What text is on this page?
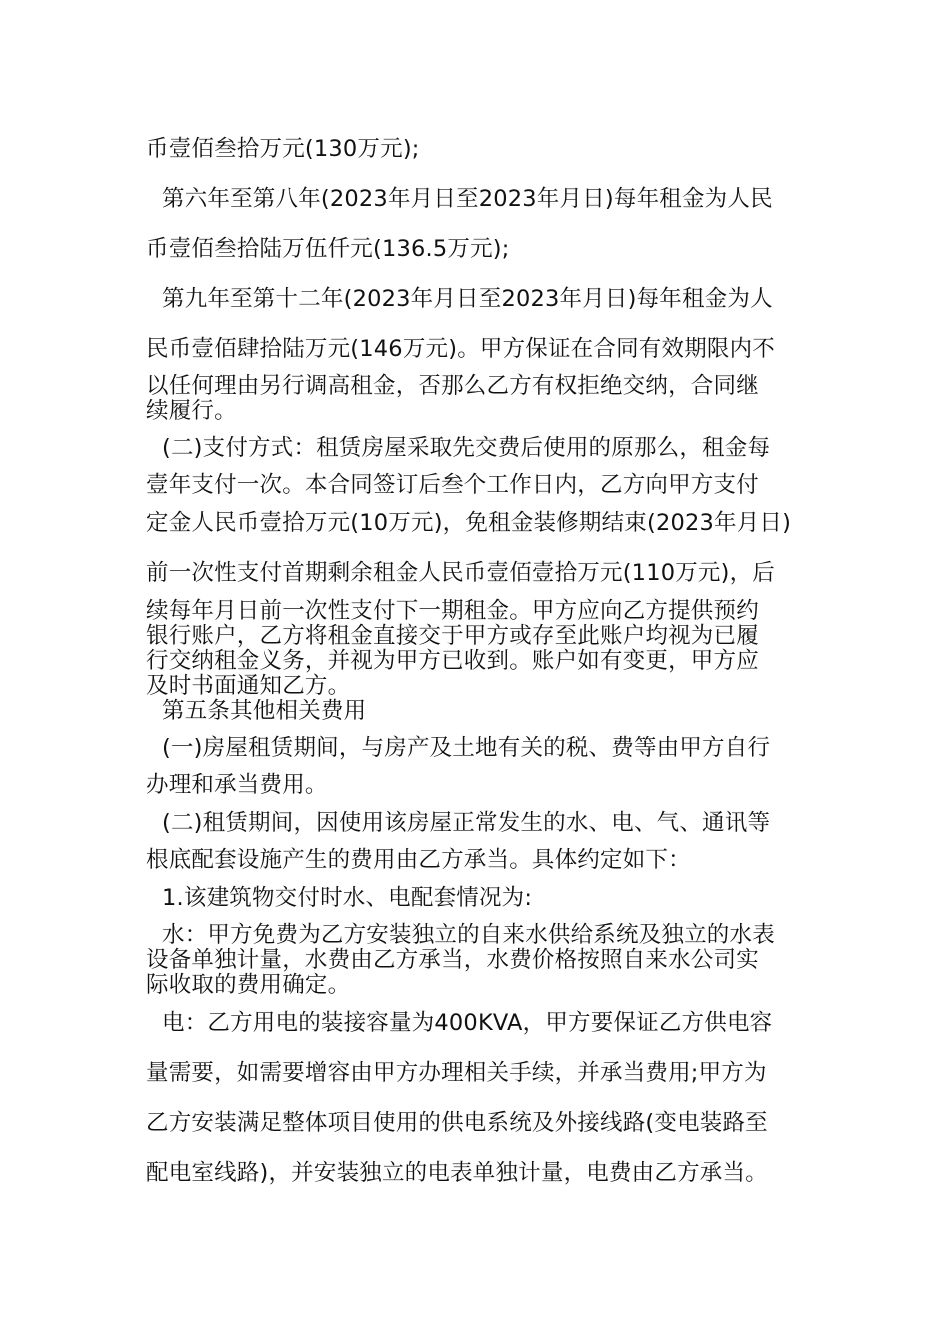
币壹佰叁拾万元(130万元);
第六年至第八年(2023年月日至2023年月日)每年租金为人民
币壹佰叁拾陆万伍仟元(136.5万元);
第九年至第十二年(2023年月日至2023年月日)每年租金为人
民币壹佰肆拾陆万元(146万元)。甲方保证在合同有效期限内不
以任何理由另行调高租金，否那么乙方有权拒绝交纳，合同继
续履行。
(二)支付方式：租赁房屋采取先交费后使用的原那么，租金每
壹年支付一次。本合同签订后叁个工作日内，乙方向甲方支付
定金人民币壹拾万元(10万元)，免租金装修期结束(2023年月日)
前一次性支付首期剩余租金人民币壹佰壹拾万元(110万元)，后
续每年月日前一次性支付下一期租金。甲方应向乙方提供预约
银行账户，乙方将租金直接交于甲方或存至此账户均视为已履
行交纳租金义务，并视为甲方已收到。账户如有变更，甲方应
及时书面通知乙方。
第五条其他相关费用
(一)房屋租赁期间，与房产及土地有关的税、费等由甲方自行
办理和承当费用。
(二)租赁期间，因使用该房屋正常发生的水、电、气、通讯等
根底配套设施产生的费用由乙方承当。具体约定如下：
1.该建筑物交付时水、电配套情况为:
水：甲方免费为乙方安装独立的自来水供给系统及独立的水表
设备单独计量，水费由乙方承当，水费价格按照自来水公司实
际收取的费用确定。
电：乙方用电的装接容量为400KVA，甲方要保证乙方供电容
量需要，如需要增容由甲方办理相关手续，并承当费用;甲方为
乙方安装满足整体项目使用的供电系统及外接线路(变电装路至
配电室线路)，并安装独立的电表单独计量，电费由乙方承当。
